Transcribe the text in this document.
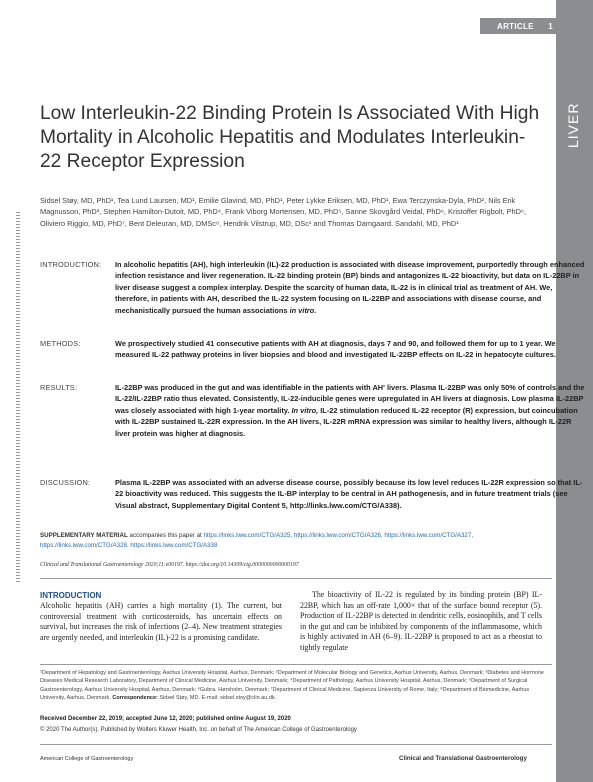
ARTICLE 1
LIVER
Low Interleukin-22 Binding Protein Is Associated With High Mortality in Alcoholic Hepatitis and Modulates Interleukin-22 Receptor Expression
Sidsel Støy, MD, PhD¹, Tea Lund Laursen, MD¹, Emilie Glavind, MD, PhD¹, Peter Lykke Eriksen, MD, PhD¹, Ewa Terczynska-Dyla, PhD², Nils Erik Magnusson, PhD³, Stephen Hamilton-Dutoit, MD, PhD⁴, Frank Viborg Mortensen, MD, PhD⁵, Sanne Skovgård Veidal, PhD⁶, Kristoffer Rigbolt, PhD⁶, Oliviero Riggio, MD, PhD⁷, Bent Deleuran, MD, DMSc⁸, Hendrik Vilstrup, MD, DSc¹ and Thomas Damgaard. Sandahl, MD, PhD¹
INTRODUCTION:	In alcoholic hepatitis (AH), high interleukin (IL)-22 production is associated with disease improvement, purportedly through enhanced infection resistance and liver regeneration. IL-22 binding protein (BP) binds and antagonizes IL-22 bioactivity, but data on IL-22BP in liver disease suggest a complex interplay. Despite the scarcity of human data, IL-22 is in clinical trial as treatment of AH. We, therefore, in patients with AH, described the IL-22 system focusing on IL-22BP and associations with disease course, and mechanistically pursued the human associations in vitro.
METHODS:	We prospectively studied 41 consecutive patients with AH at diagnosis, days 7 and 90, and followed them for up to 1 year. We measured IL-22 pathway proteins in liver biopsies and blood and investigated IL-22BP effects on IL-22 in hepatocyte cultures.
RESULTS:	IL-22BP was produced in the gut and was identifiable in the patients with AH' livers. Plasma IL-22BP was only 50% of controls and the IL-22/IL-22BP ratio thus elevated. Consistently, IL-22-inducible genes were upregulated in AH livers at diagnosis. Low plasma IL-22BP was closely associated with high 1-year mortality. In vitro, IL-22 stimulation reduced IL-22 receptor (R) expression, but coincubation with IL-22BP sustained IL-22R expression. In the AH livers, IL-22R mRNA expression was similar to healthy livers, although IL-22R liver protein was higher at diagnosis.
DISCUSSION:	Plasma IL-22BP was associated with an adverse disease course, possibly because its low level reduces IL-22R expression so that IL-22 bioactivity was reduced. This suggests the IL-BP interplay to be central in AH pathogenesis, and in future treatment trials (see Visual abstract, Supplementary Digital Content 5, http://links.lww.com/CTG/A338).
SUPPLEMENTARY MATERIAL accompanies this paper at https://links.lww.com/CTG/A325, https://links.lww.com/CTG/A326, https://links.lww.com/CTG/A327, https://links.lww.com/CTG/A328, https://links.lww.com/CTG/A338
Clinical and Translational Gastroenterology 2020;11:e00197. https://doi.org/10.14309/ctg.0000000000000197
INTRODUCTION
Alcoholic hepatitis (AH) carries a high mortality (1). The current, but controversial treatment with corticosteroids, has uncertain effects on survival, but increases the risk of infections (2–4). New treatment strategies are urgently needed, and interleukin (IL)-22 is a promising candidate.
The bioactivity of IL-22 is regulated by its binding protein (BP) IL-22BP, which has an off-rate 1,000× that of the surface bound receptor (5). Production of IL-22BP is detected in dendritic cells, eosinophils, and T cells in the gut and can be inhibited by components of the inflammasome, which is highly activated in AH (6–9). IL-22BP is proposed to act as a rheostat to tightly regulate
¹Department of Hepatology and Gastroenterology, Aarhus University Hospital, Aarhus, Denmark; ²Department of Molecular Biology and Genetics, Aarhus University, Aarhus, Denmark; ³Diabetes and Hormone Diseases Medical Research Laboratory, Department of Clinical Medicine, Aarhus University, Denmark; ⁴Department of Pathology, Aarhus University Hospital, Aarhus, Denmark; ⁵Department of Surgical Gastroenterology, Aarhus University Hospital, Aarhus, Denmark; ⁶Gubra, Hørsholm, Denmark; ⁷Department of Clinical Medicine, Sapienza University of Rome, Italy; ⁸Department of Biomedicine, Aarhus University, Aarhus, Denmark. Correspondence: Sidsel Støy, MD. E-mail: sidsel.stoy@clin.au.dk.
Received December 22, 2019; accepted June 12, 2020; published online August 19, 2020
© 2020 The Author(s). Published by Wolters Kluwer Health, Inc. on behalf of The American College of Gastroenterology
American College of Gastroenterology	Clinical and Translational Gastroenterology
